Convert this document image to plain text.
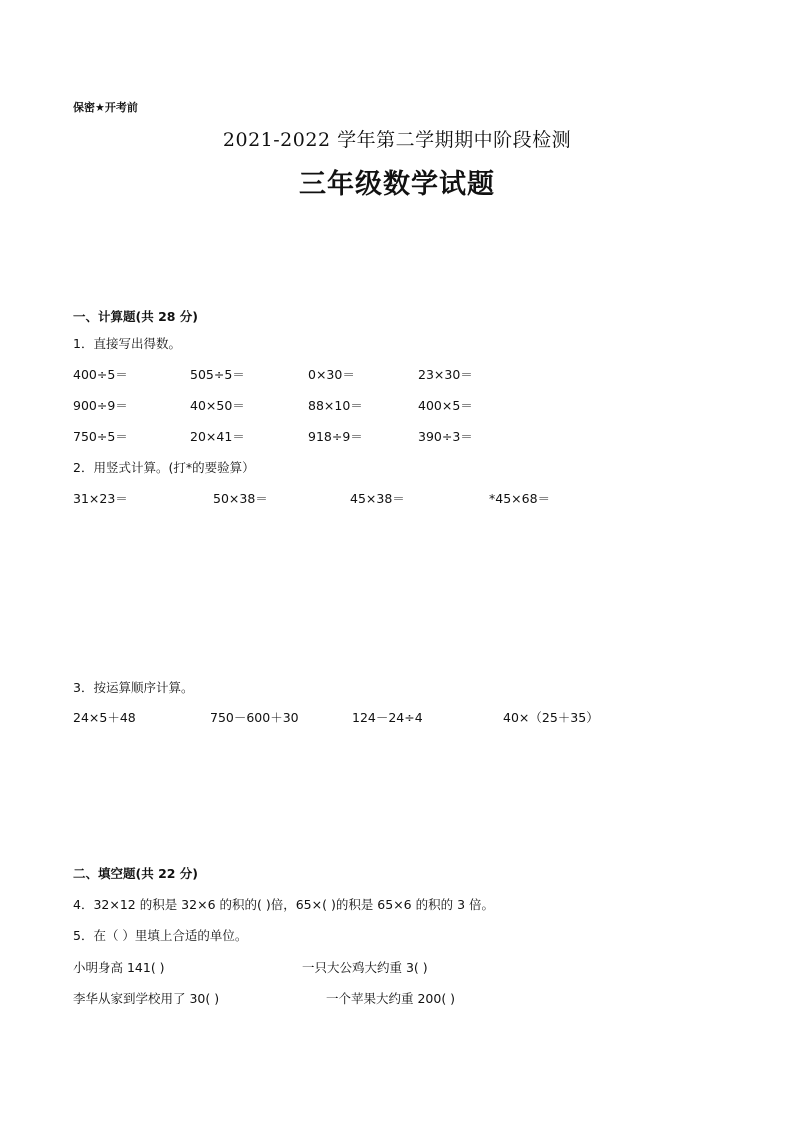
保密★开考前
2021-2022 学年第二学期期中阶段检测
三年级数学试题
一、计算题(共 28 分)
1．直接写出得数。
400÷5＝	505÷5＝	0×30＝	23×30＝
900÷9＝	40×50＝	88×10＝	400×5＝
750÷5＝	20×41＝	918÷9＝	390÷3＝
2．用竖式计算。(打*的要验算）
31×23＝	50×38＝	45×38＝	*45×68＝
3．按运算顺序计算。
24×5＋48	750－600＋30	124－24÷4	40×（25＋35）
二、填空题(共 22 分)
4．32×12 的积是 32×6 的积的( )倍，65×( )的积是 65×6 的积的 3 倍。
5．在（ ）里填上合适的单位。
小明身高 141( )	一只大公鸡大约重 3( )
李华从家到学校用了 30( )	一个苹果大约重 200( )
